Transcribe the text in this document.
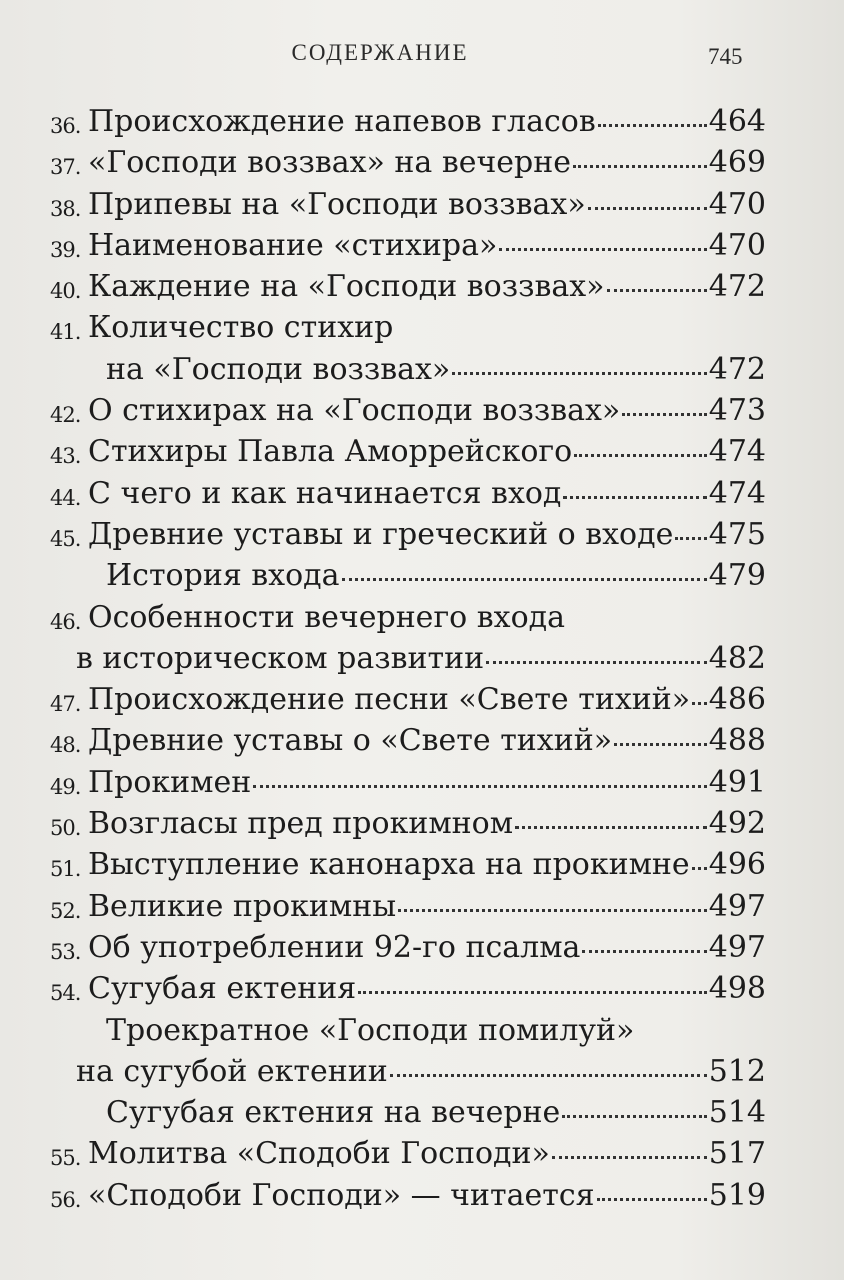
СОДЕРЖАНИЕ	745
36. Происхождение напевов гласов	464
37. «Господи воззвах» на вечерне	469
38. Припевы на «Господи воззвах»	470
39. Наименование «стихира»	470
40. Каждение на «Господи воззвах»	472
41. Количество стихир
на «Господи воззвах»	472
42. О стихирах на «Господи воззвах»	473
43. Стихиры Павла Аморрейского	474
44. С чего и как начинается вход	474
45. Древние уставы и греческий о входе 475
История входа	479
46. Особенности вечернего входа
в историческом развитии	482
47. Происхождение песни «Свете тихий» 486
48. Древние уставы о «Свете тихий»	488
49. Прокимен	491
50. Возгласы пред прокимном	492
51. Выступление канонарха на прокимне 496
52. Великие прокимны	497
53. Об употреблении 92-го псалма	497
54. Сугубая ектения	498
Троекратное «Господи помилуй»
на сугубой ектении	512
Сугубая ектения на вечерне	514
55. Молитва «Сподоби Господи»	517
56. «Сподоби Господи» — читается	519
